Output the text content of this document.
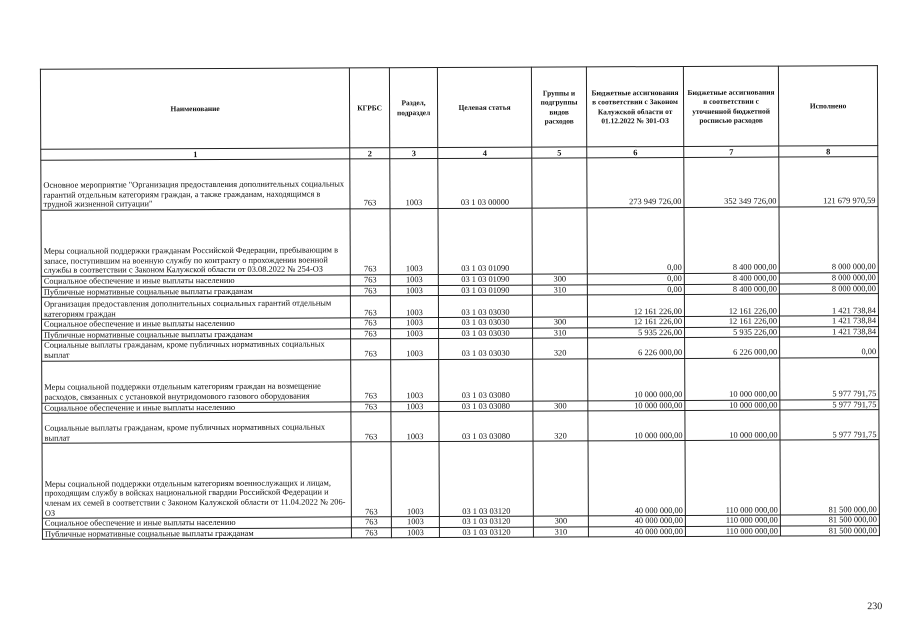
Наименование	КГРБС	Раздел, подраздел	Целевая статья	Группы и подгруппы видов расходов	Бюджетные ассигнования в соответствии с Законом Калужской области от 01.12.2022 № 301-ОЗ	Бюджетные ассигнования в соответствии с уточненной бюджетной росписью расходов	Исполнено
1	2	3	4	5	6	7	8
Основное мероприятие "Организация предоставления дополнительных социальных гарантий отдельным категориям граждан, а также гражданам, находящимся в трудной жизненной ситуации"	763	1003	03 1 03 00000		273 949 726,00	352 349 726,00	121 679 970,59
Меры социальной поддержки гражданам Российской Федерации, пребывающим в запасе, поступившим на военную службу по контракту о прохождении военной службы в соответствии с Законом Калужской области от 03.08.2022 № 254-ОЗ	763	1003	03 1 03 01090		0,00	8 400 000,00	8 000 000,00
Социальное обеспечение и иные выплаты населению	763	1003	03 1 03 01090	300	0,00	8 400 000,00	8 000 000,00
Публичные нормативные социальные выплаты гражданам	763	1003	03 1 03 01090	310	0,00	8 400 000,00	8 000 000,00
Организация предоставления дополнительных социальных гарантий отдельным категориям граждан	763	1003	03 1 03 03030		12 161 226,00	12 161 226,00	1 421 738,84
Социальное обеспечение и иные выплаты населению	763	1003	03 1 03 03030	300	12 161 226,00	12 161 226,00	1 421 738,84
Публичные нормативные социальные выплаты гражданам	763	1003	03 1 03 03030	310	5 935 226,00	5 935 226,00	1 421 738,84
Социальные выплаты гражданам, кроме публичных нормативных социальных выплат	763	1003	03 1 03 03030	320	6 226 000,00	6 226 000,00	0,00
Меры социальной поддержки отдельным категориям граждан на возмещение расходов, связанных с установкой внутридомового газового оборудования	763	1003	03 1 03 03080		10 000 000,00	10 000 000,00	5 977 791,75
Социальное обеспечение и иные выплаты населению	763	1003	03 1 03 03080	300	10 000 000,00	10 000 000,00	5 977 791,75
Социальные выплаты гражданам, кроме публичных нормативных социальных выплат	763	1003	03 1 03 03080	320	10 000 000,00	10 000 000,00	5 977 791,75
Меры социальной поддержки отдельным категориям военнослужащих и лицам, проходящим службу в войсках национальной гвардии Российской Федерации и членам их семей в соответствии с Законом Калужской области от 11.04.2022 № 206-ОЗ	763	1003	03 1 03 03120		40 000 000,00	110 000 000,00	81 500 000,00
Социальное обеспечение и иные выплаты населению	763	1003	03 1 03 03120	300	40 000 000,00	110 000 000,00	81 500 000,00
Публичные нормативные социальные выплаты гражданам	763	1003	03 1 03 03120	310	40 000 000,00	110 000 000,00	81 500 000,00
230
